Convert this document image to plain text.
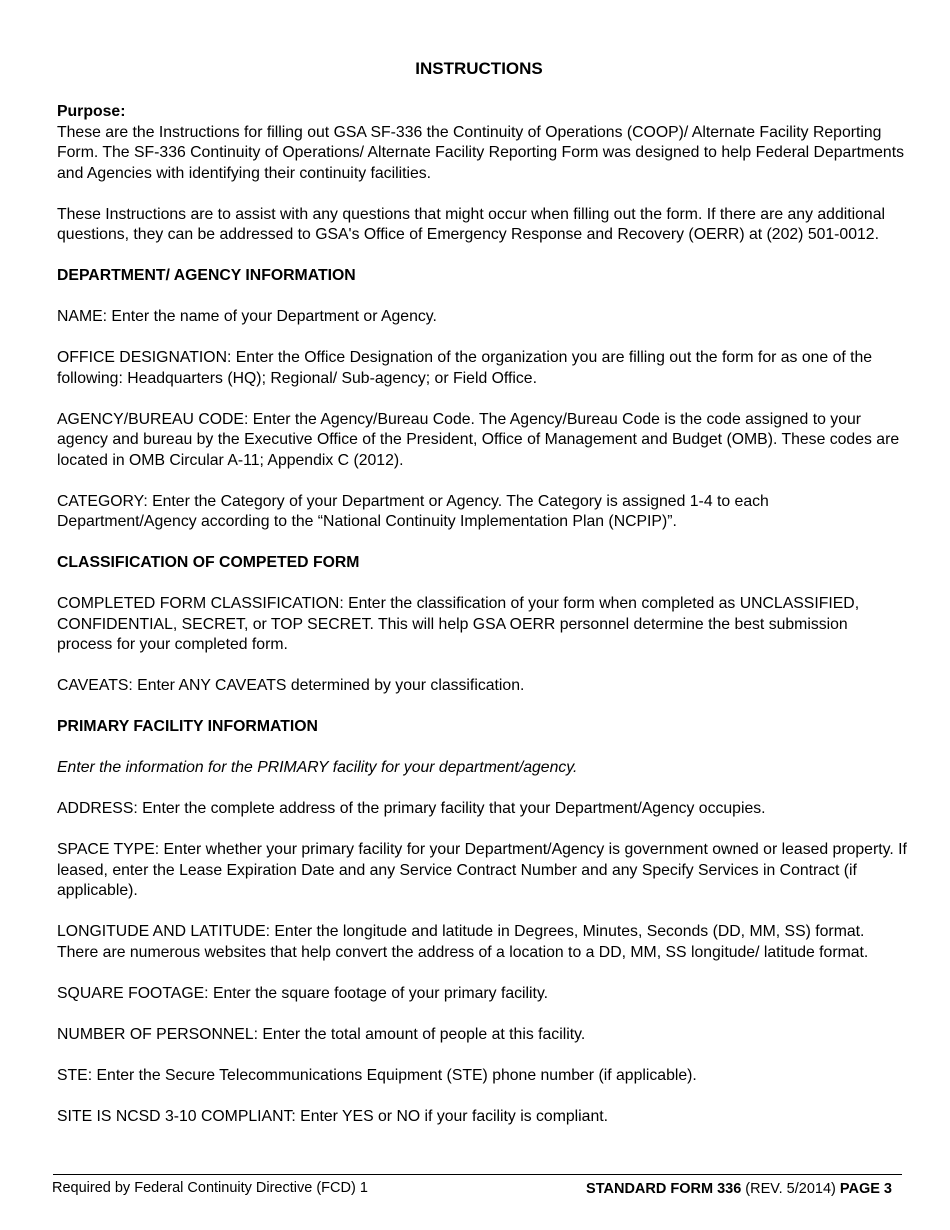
INSTRUCTIONS

Purpose:

These are the Instructions for filling out GSA SF-336 the Continuity of Operations (COOP)/ Alternate Facility Reporting Form. The SF-336 Continuity of Operations/ Alternate Facility Reporting Form was designed to help Federal Departments and Agencies with identifying their continuity facilities.

These Instructions are to assist with any questions that might occur when filling out the form. If there are any additional questions, they can be addressed to GSA's Office of Emergency Response and Recovery (OERR) at (202) 501-0012.

DEPARTMENT/ AGENCY INFORMATION

NAME: Enter the name of your Department or Agency.

OFFICE DESIGNATION: Enter the Office Designation of the organization you are filling out the form for as one of the following: Headquarters (HQ); Regional/ Sub-agency; or Field Office.

AGENCY/BUREAU CODE: Enter the Agency/Bureau Code. The Agency/Bureau Code is the code assigned to your agency and bureau by the Executive Office of the President, Office of Management and Budget (OMB). These codes are located in OMB Circular A-11; Appendix C (2012).

CATEGORY: Enter the Category of your Department or Agency. The Category is assigned 1-4 to each Department/Agency according to the “National Continuity Implementation Plan (NCPIP)”.

CLASSIFICATION OF COMPETED FORM

COMPLETED FORM CLASSIFICATION: Enter the classification of your form when completed as UNCLASSIFIED, CONFIDENTIAL, SECRET, or TOP SECRET. This will help GSA OERR personnel determine the best submission process for your completed form.

CAVEATS: Enter ANY CAVEATS determined by your classification.

PRIMARY FACILITY INFORMATION

Enter the information for the PRIMARY facility for your department/agency.

ADDRESS: Enter the complete address of the primary facility that your Department/Agency occupies.

SPACE TYPE: Enter whether your primary facility for your Department/Agency is government owned or leased property. If leased, enter the Lease Expiration Date and any Service Contract Number and any Specify Services in Contract (if applicable).

LONGITUDE AND LATITUDE: Enter the longitude and latitude in Degrees, Minutes, Seconds (DD, MM, SS) format. There are numerous websites that help convert the address of a location to a DD, MM, SS longitude/ latitude format.

SQUARE FOOTAGE: Enter the square footage of your primary facility.

NUMBER OF PERSONNEL: Enter the total amount of people at this facility.

STE: Enter the Secure Telecommunications Equipment (STE) phone number (if applicable).

SITE IS NCSD 3-10 COMPLIANT: Enter YES or NO if your facility is compliant.

Required by Federal Continuity Directive (FCD) 1	STANDARD FORM 336 (REV. 5/2014) PAGE 3
